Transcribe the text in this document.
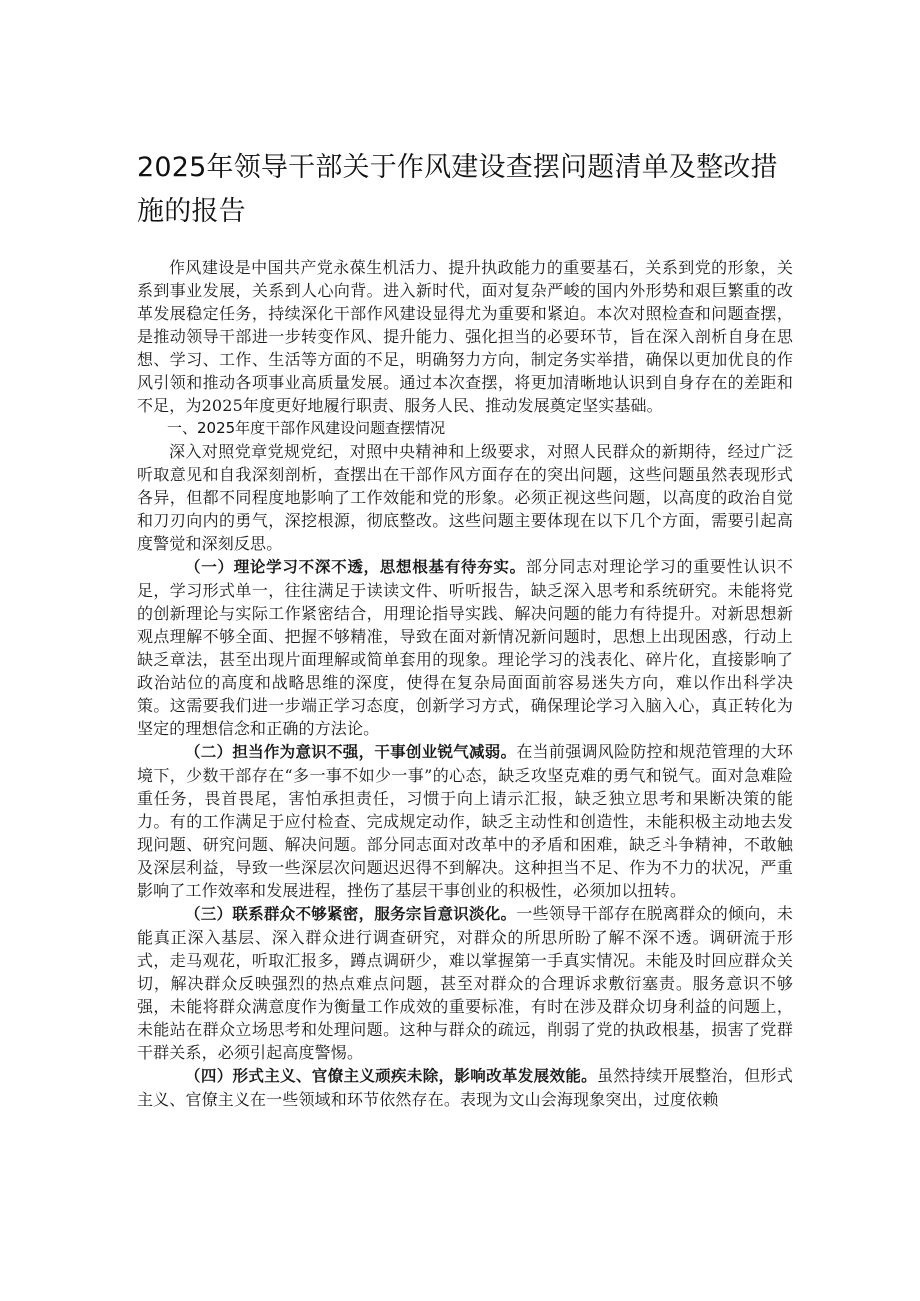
2025年领导干部关于作风建设查摆问题清单及整改措施的报告

作风建设是中国共产党永葆生机活力、提升执政能力的重要基石，关系到党的形象，关系到事业发展，关系到人心向背。进入新时代，面对复杂严峻的国内外形势和艰巨繁重的改革发展稳定任务，持续深化干部作风建设显得尤为重要和紧迫。本次对照检查和问题查摆，是推动领导干部进一步转变作风、提升能力、强化担当的必要环节，旨在深入剖析自身在思想、学习、工作、生活等方面的不足，明确努力方向，制定务实举措，确保以更加优良的作风引领和推动各项事业高质量发展。通过本次查摆，将更加清晰地认识到自身存在的差距和不足，为2025年度更好地履行职责、服务人民、推动发展奠定坚实基础。

一、2025年度干部作风建设问题查摆情况

深入对照党章党规党纪，对照中央精神和上级要求，对照人民群众的新期待，经过广泛听取意见和自我深刻剖析，查摆出在干部作风方面存在的突出问题，这些问题虽然表现形式各异，但都不同程度地影响了工作效能和党的形象。必须正视这些问题，以高度的政治自觉和刀刃向内的勇气，深挖根源，彻底整改。这些问题主要体现在以下几个方面，需要引起高度警觉和深刻反思。

（一）理论学习不深不透，思想根基有待夯实。部分同志对理论学习的重要性认识不足，学习形式单一，往往满足于读读文件、听听报告，缺乏深入思考和系统研究。未能将党的创新理论与实际工作紧密结合，用理论指导实践、解决问题的能力有待提升。对新思想新观点理解不够全面、把握不够精准，导致在面对新情况新问题时，思想上出现困惑，行动上缺乏章法，甚至出现片面理解或简单套用的现象。理论学习的浅表化、碎片化，直接影响了政治站位的高度和战略思维的深度，使得在复杂局面面前容易迷失方向，难以作出科学决策。这需要我们进一步端正学习态度，创新学习方式，确保理论学习入脑入心，真正转化为坚定的理想信念和正确的方法论。

（二）担当作为意识不强，干事创业锐气减弱。在当前强调风险防控和规范管理的大环境下，少数干部存在“多一事不如少一事”的心态，缺乏攻坚克难的勇气和锐气。面对急难险重任务，畏首畏尾，害怕承担责任，习惯于向上请示汇报，缺乏独立思考和果断决策的能力。有的工作满足于应付检查、完成规定动作，缺乏主动性和创造性，未能积极主动地去发现问题、研究问题、解决问题。部分同志面对改革中的矛盾和困难，缺乏斗争精神，不敢触及深层利益，导致一些深层次问题迟迟得不到解决。这种担当不足、作为不力的状况，严重影响了工作效率和发展进程，挫伤了基层干事创业的积极性，必须加以扭转。

（三）联系群众不够紧密，服务宗旨意识淡化。一些领导干部存在脱离群众的倾向，未能真正深入基层、深入群众进行调查研究，对群众的所思所盼了解不深不透。调研流于形式，走马观花，听取汇报多，蹲点调研少，难以掌握第一手真实情况。未能及时回应群众关切，解决群众反映强烈的热点难点问题，甚至对群众的合理诉求敷衍塞责。服务意识不够强，未能将群众满意度作为衡量工作成效的重要标准，有时在涉及群众切身利益的问题上，未能站在群众立场思考和处理问题。这种与群众的疏远，削弱了党的执政根基，损害了党群干群关系，必须引起高度警惕。

（四）形式主义、官僚主义顽疾未除，影响改革发展效能。虽然持续开展整治，但形式主义、官僚主义在一些领域和环节依然存在。表现为文山会海现象突出，过度依赖
